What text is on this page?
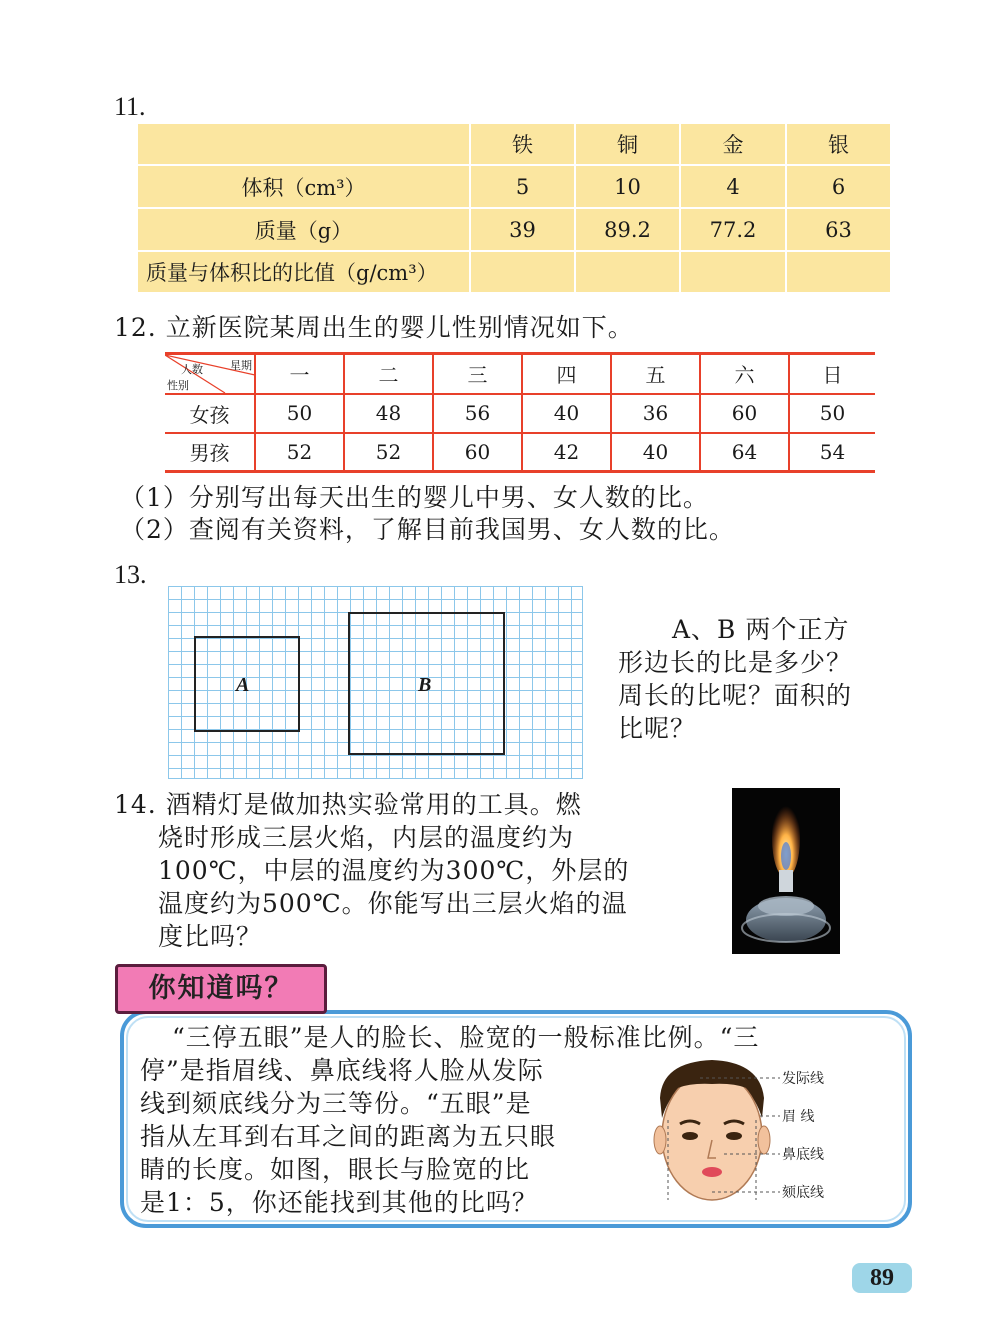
11.
	铁	铜	金	银
体积（cm³）	5	10	4	6
质量（g）	39	89.2	77.2	63
质量与体积比的比值（g/cm³）				
12. 立新医院某周出生的婴儿性别情况如下。
星期
人数
性别	一	二	三	四	五	六	日
女孩	50	48	56	40	36	60	50
男孩	52	52	60	42	40	64	54
（1）分别写出每天出生的婴儿中男、女人数的比。
（2）查阅有关资料，了解目前我国男、女人数的比。
13.
A	B
A、B 两个正方
形边长的比是多少？
周长的比呢？面积的
比呢？
14. 酒精灯是做加热实验常用的工具。燃
烧时形成三层火焰，内层的温度约为
100℃，中层的温度约为300℃，外层的
温度约为500℃。你能写出三层火焰的温
度比吗？
你知道吗？
“三停五眼”是人的脸长、脸宽的一般标准比例。“三
停”是指眉线、鼻底线将人脸从发际
线到颏底线分为三等份。“五眼”是
指从左耳到右耳之间的距离为五只眼
睛的长度。如图，眼长与脸宽的比
是1：5，你还能找到其他的比吗？
发际线
眉 线
鼻底线
颏底线
89
